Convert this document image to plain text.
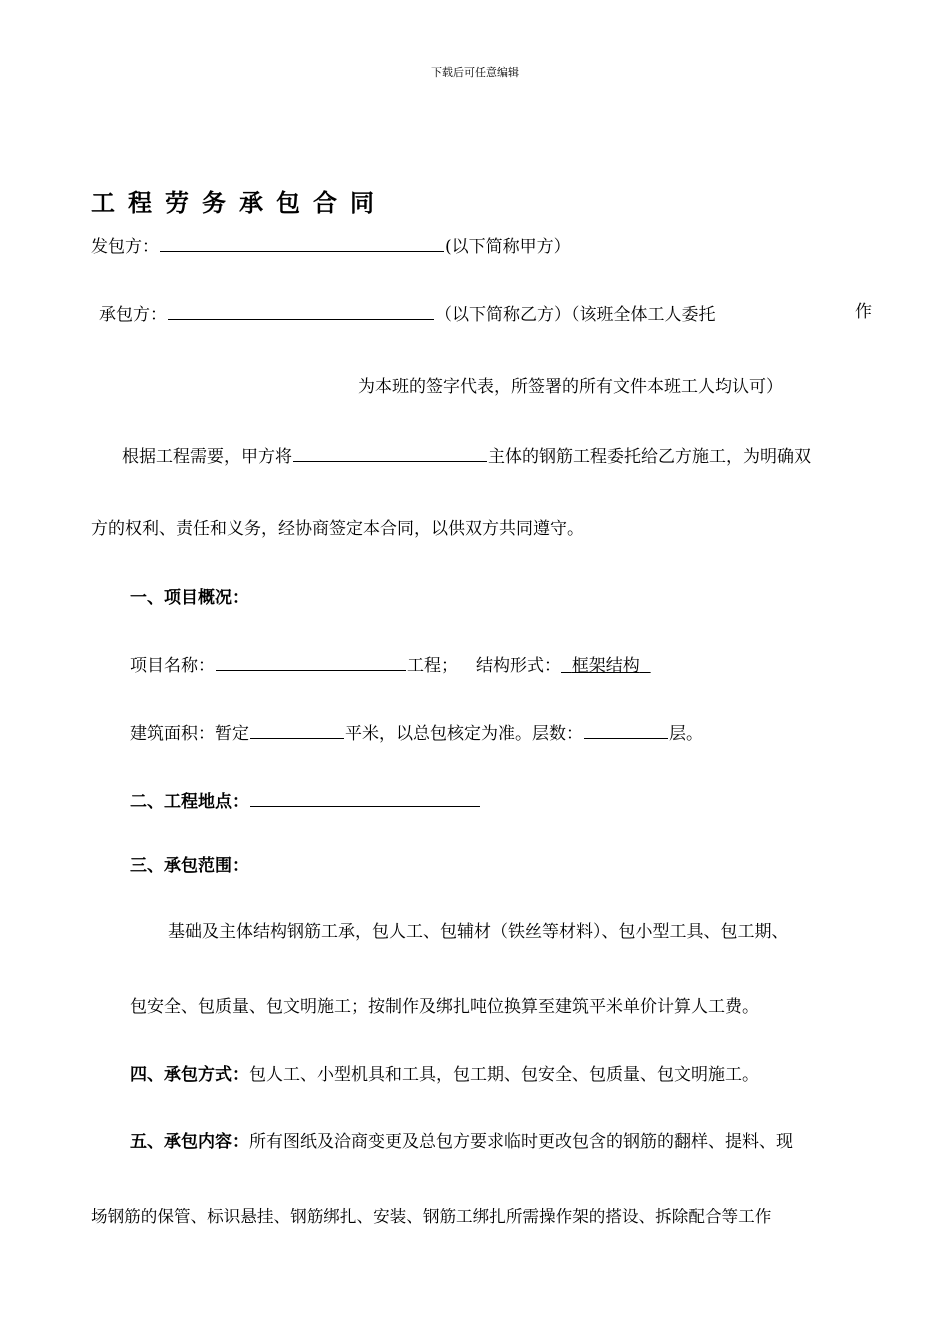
下载后可任意编辑
工程劳务承包合同
发包方：	(以下简称甲方）
承包方：	（以下简称乙方）（该班全体工人委托	作
为本班的签字代表，所签署的所有文件本班工人均认可）
根据工程需要，甲方将	主体的钢筋工程委托给乙方施工，为明确双
方的权利、责任和义务，经协商签定本合同，以供双方共同遵守。
一、项目概况：
项目名称：	工程； 结构形式： 框架结构
建筑面积：暂定	平米，以总包核定为准。层数：	层。
二、工程地点：
三、承包范围：
基础及主体结构钢筋工承，包人工、包辅材（铁丝等材料）、包小型工具、包工期、
包安全、包质量、包文明施工；按制作及绑扎吨位换算至建筑平米单价计算人工费。
四、承包方式：包人工、小型机具和工具，包工期、包安全、包质量、包文明施工。
五、承包内容：所有图纸及洽商变更及总包方要求临时更改包含的钢筋的翻样、提料、现
场钢筋的保管、标识悬挂、钢筋绑扎、安装、钢筋工绑扎所需操作架的搭设、拆除配合等工作
